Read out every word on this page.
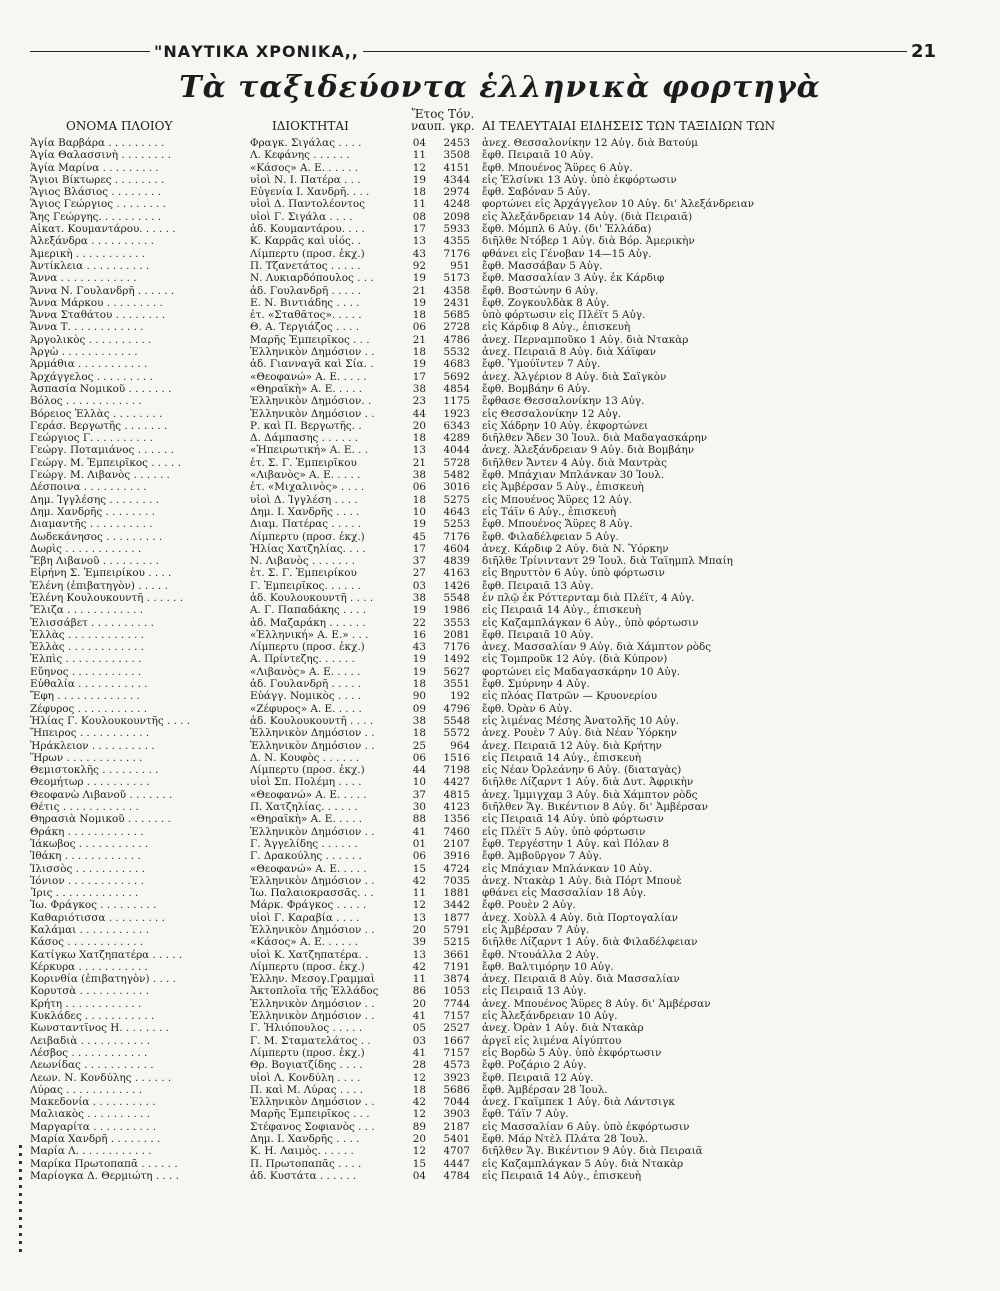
"ΝΑΥΤΙΚΑ ΧΡΟΝΙΚΑ,,	21
Τὰ ταξιδεύοντα ἑλληνικὰ φορτηγὰ
ΟΝΟΜΑ ΠΛΟΙΟΥ	ΙΔΙΟΚΤΗΤΑΙ
Ἔτος Τόν.
ναυπ. γκρ. ΑΙ ΤΕΛΕΥΤΑΙΑΙ ΕΙΔΗΣΕΙΣ ΤΩΝ ΤΑΞΙΔΙΩΝ ΤΩΝ
Ἁγία Βαρβάρα . . . . . . . . .	Φραγκ. Σιγάλας . . . .	04	2453 ἀνεχ. Θεσσαλονίκην 12 Αὐγ. διὰ Βατούμ
Ἁγία Θαλασσινὴ . . . . . . . .	Λ. Κεφάνης . . . . . .	11	3508 ἔφθ. Πειραιᾶ 10 Αὐγ.
Ἁγία Μαρίνα . . . . . . . . .	«Κάσος» Α. Ε. . . . . .	12	4151 ἔφθ. Μπουένος Ἄϋρες 6 Αὐγ.
Ἅγιοι Βίκτωρες . . . . . . . .	υἱοὶ Ν. Ι. Πατέρα . . .	19	4344 εἰς Ἐλσίνκι 13 Αὐγ. ὑπὸ ἐκφόρτωσιν
Ἅγιος Βλάσιος . . . . . . . .	Εὐγενία Ι. Χανδρῆ. . . .	18	2974 ἔφθ. Σαβόναν 5 Αὐγ.
Ἅγιος Γεώργιος . . . . . . . .	υἱοὶ Δ. Παντολέοντος	11	4248 φορτώνει εἰς Ἀρχάγγελον 10 Αὐγ. δι' Ἀλεξάνδρειαν
Ἄης Γεώργης. . . . . . . . . .	υἱοὶ Γ. Σιγάλα . . . .	08	2098 εἰς Ἀλεξάνδρειαν 14 Αὐγ. (διὰ Πειραιᾶ)
Αἰκατ. Κουμαντάρου. . . . . .	ἀδ. Κουμαντάρου. . . .	17	5933 ἔφθ. Μόμπλ 6 Αὐγ. (δι' Ἑλλάδα)
Ἀλεξάνδρα . . . . . . . . . .	Κ. Καρρᾶς καὶ υἱός. .	13	4355 διῆλθε Ντόβερ 1 Αὐγ. διὰ Βόρ. Ἀμερικὴν
Ἀμερικὴ . . . . . . . . . . .	Λίμπερτυ (προσ. ἐκχ.)	43	7176 φθάνει εἰς Γένοβαν 14—15 Αὐγ.
Ἀντίκλεια . . . . . . . . . .	Π. Τζανετάτος . . . . .	92	951 ἔφθ. Μασσάβαν 5 Αὐγ.
Ἄννα . . . . . . . . . . . .	Ν. Λυκιαρδόπουλος . . .	19	5173 ἔφθ. Μασσαλίαν 3 Αὐγ. ἐκ Κάρδιφ
Ἄννα Ν. Γουλανδρῆ . . . . . .	ἀδ. Γουλανδρῆ . . . . .	21	4358 ἔφθ. Βοστώνην 6 Αὐγ.
Ἄννα Μάρκου . . . . . . . . .	Ε. Ν. Βιντιάδης . . . .	19	2431 ἔφθ. Ζογκουλδὰκ 8 Αὐγ.
Ἄννα Σταθάτου . . . . . . . .	ἐτ. «Σταθᾶτος». . . . .	18	5685 ὑπὸ φόρτωσιν εἰς Πλέϊτ 5 Αὐγ.
Ἄννα Τ. . . . . . . . . . . .	Θ. Α. Τεργιάζος . . . .	06	2728 εἰς Κάρδιφ 8 Αὐγ., ἐπισκευὴ
Ἀργολικὸς . . . . . . . . . .	Μαρῆς Ἐμπειρῖκος . . .	21	4786 ἀνεχ. Περναμποῦκο 1 Αὐγ. διὰ Ντακὰρ
Ἀργὼ . . . . . . . . . . . .	Ἑλληνικὸν Δημόσιον . .	18	5532 ἀνεχ. Πειραιᾶ 8 Αὐγ. διὰ Χάϊφαν
Ἁρμάθια . . . . . . . . . . .	ἀδ. Γιανναγᾶ καὶ Σία. .	19	4683 ἔφθ. Ὑμούϊντεν 7 Αὐγ.
Ἀρχάγγελος . . . . . . . . .	«Θεοφανώ» Α. Ε. . . . .	17	5692 ἀνεχ. Ἀλγέριον 8 Αὐγ. διὰ Σαϊγκὸν
Ἀσπασία Νομικοῦ . . . . . . .	«Θηραϊκὴ» Α. Ε. . . . .	38	4854 ἔφθ. Βομβάην 6 Αὐγ.
Βόλος . . . . . . . . . . . .	Ἑλληνικὸν Δημόσιον. .	23	1175 ἔφθασε Θεσσαλονίκην 13 Αὐγ.
Βόρειος Ἑλλὰς . . . . . . . .	Ἑλληνικὸν Δημόσιον . .	44	1923 εἰς Θεσσαλονίκην 12 Αὐγ.
Γεράσ. Βεργωτῆς . . . . . . .	Ρ. καὶ Π. Βεργωτῆς. .	20	6343 εἰς Χάδρην 10 Αὐγ. ἐκφορτώνει
Γεώργιος Γ. . . . . . . . . .	Δ. Δάμπασης . . . . . .	18	4289 διῆλθεν Ἄδεν 30 Ἰουλ. διὰ Μαδαγασκάρην
Γεώργ. Ποταμιάνος . . . . . .	«Ἠπειρωτική» Α. Ε. . .	13	4044 ἀνεχ. Ἀλεξάνδρειαν 9 Αὐγ. διὰ Βομβάην
Γεώργ. Μ. Ἐμπειρῖκος . . . . .	ἐτ. Σ. Γ. Ἐμπειρῖκου	21	5728 διῆλθεν Ἄντεν 4 Αὐγ. διὰ Μαντρὰς
Γεώργ. Μ. Λιβανὸς . . . . . .	«Λιβανὸς» Α. Ε. . . . .	38	5482 ἔφθ. Μπάχιαν Μπλάνκαν 30 Ἰουλ.
Δέσποινα . . . . . . . . . .	ἐτ. «Μιχαλινὸς» . . . .	06	3016 εἰς Ἀμβέρσαν 5 Αὐγ., ἐπισκευὴ
Δημ. Ἰγγλέσης . . . . . . . .	υἱοὶ Δ. Ἰγγλέση . . . .	18	5275 εἰς Μπουένος Ἄϋρες 12 Αὐγ.
Δημ. Χανδρῆς . . . . . . . .	Δημ. Ι. Χανδρῆς . . . .	10	4643 εἰς Τάϊν 6 Αὐγ., ἐπισκευὴ
Διαμαντῆς . . . . . . . . . .	Διαμ. Πατέρας . . . . .	19	5253 ἔφθ. Μπουένος Ἄϋρες 8 Αὐγ.
Δωδεκάνησος . . . . . . . . .	Λίμπερτυ (προσ. ἐκχ.)	45	7176 ἔφθ. Φιλαδέλφειαν 5 Αὐγ.
Δωρὶς . . . . . . . . . . . .	Ἠλίας Χατζηλίας. . . .	17	4604 ἀνεχ. Κάρδιφ 2 Αὐγ. διὰ Ν. Ὑόρκην
Ἔβη Λιβανοῦ . . . . . . . . .	Ν. Λιβανὸς . . . . . . .	37	4839 διῆλθε Τρίνινταντ 29 Ἰουλ. διὰ Ταϊημπλ Μπαίη
Εἰρήνη Σ. Ἐμπειρίκου . . . .	ἐτ. Σ. Γ. Ἐμπειρίκου	27	4163 εἰς Βηρυττὸν 6 Αὐγ. ὑπὸ φόρτωσιν
Ἑλένη (ἐπιβατηγὸν) . . . . .	Γ. Ἐμπειρῖκος. . . . . .	03	1426 ἔφθ. Πειραιᾶ 13 Αὐγ.
Ἑλένη Κουλουκουντῆ . . . . . .	ἀδ. Κουλουκουντῆ . . . .	38	5548 ἐν πλῷ ἐκ Ρόττερνταμ διὰ Πλέϊτ, 4 Αὐγ.
Ἔλιζα . . . . . . . . . . . .	Α. Γ. Παπαδάκης . . . .	19	1986 εἰς Πειραιᾶ 14 Αὐγ., ἐπισκευὴ
Ἐλισσάβετ . . . . . . . . . .	ἀδ. Μαζαράκη . . . . . .	22	3553 εἰς Καζαμπλάγκαν 6 Αὐγ., ὑπὸ φόρτωσιν
Ἑλλὰς . . . . . . . . . . . .	«Ἑλληνική» Α. Ε.» . . .	16	2081 ἔφθ. Πειραιᾶ 10 Αὐγ.
Ἑλλὰς . . . . . . . . . . . .	Λίμπερτυ (προσ. ἐκχ.)	43	7176 ἀνεχ. Μασσαλίαν 9 Αὐγ. διὰ Χάμπτον ρὸδς
Ἐλπὶς . . . . . . . . . . . .	Α. Πρίντεζης. . . . . .	19	1492 εἰς Τομπροῦκ 12 Αὐγ. (διὰ Κύπρον)
Εὔηνος . . . . . . . . . . .	«Λιβανὸς» Α. Ε. . . . .	19	5627 φορτώνει εἰς Μαδαγασκάρην 10 Αὐγ.
Εὐθαλία . . . . . . . . . . .	ἀδ. Γουλανδρῆ . . . . .	18	3551 ἔφθ. Σμύρνην 4 Αὐγ.
Ἔφη . . . . . . . . . . . . .	Εὐάγγ. Νομικὸς . . . .	90	192 εἰς πλόας Πατρῶν — Κρυονερίου
Ζέφυρος . . . . . . . . . . .	«Ζέφυρος» Α. Ε. . . . .	09	4796 ἔφθ. Ὀρὰν 6 Αὐγ.
Ἠλίας Γ. Κουλουκουντῆς . . . .	ἀδ. Κουλουκουντῆ . . . .	38	5548 εἰς λιμένας Μέσης Ἀνατολῆς 10 Αὐγ.
Ἤπειρος . . . . . . . . . . .	Ἑλληνικὸν Δημόσιον . .	18	5572 ἀνεχ. Ρουὲν 7 Αὐγ. διὰ Νέαν Ὑόρκην
Ἠράκλειον . . . . . . . . . .	Ἑλληνικὸν Δημόσιον . .	25	964 ἀνεχ. Πειραιᾶ 12 Αὐγ. διὰ Κρήτην
Ἥρων . . . . . . . . . . . .	Δ. Ν. Κουφὸς . . . . . .	06	1516 εἰς Πειραιᾶ 14 Αὐγ., ἐπισκευὴ
Θεμιστοκλῆς . . . . . . . . .	Λίμπερτυ (προσ. ἐκχ.)	44	7198 εἰς Νέαν Ὀρλεάνην 6 Αὐγ. (διαταγὰς)
Θεομήτωρ . . . . . . . . . .	υἱοὶ Σπ. Πολέμη . . . .	10	4427 διῆλθε Λίζαρντ 1 Αὐγ. διὰ Δυτ. Ἀφρικὴν
Θεοφανὼ Λιβανοῦ . . . . . . .	«Θεοφανώ» Α. Ε. . . . .	37	4815 ἀνεχ. Ἰμμιγχαμ 3 Αὐγ. διὰ Χάμπτον ρὸδς
Θέτις . . . . . . . . . . . .	Π. Χατζηλίας. . . . . .	30	4123 διῆλθεν Ἅγ. Βικέντιον 8 Αὐγ. δι' Ἀμβέρσαν
Θηρασιὰ Νομικοῦ . . . . . . .	«Θηραϊκὴ» Α. Ε. . . . .	88	1356 εἰς Πειραιᾶ 14 Αὐγ. ὑπὸ φόρτωσιν
Θράκη . . . . . . . . . . . .	Ἑλληνικὸν Δημόσιον . .	41	7460 εἰς Πλέϊτ 5 Αὐγ. ὑπὸ φόρτωσιν
Ἰάκωβος . . . . . . . . . . .	Γ. Ἀγγελίδης . . . . . .	01	2107 ἔφθ. Τεργέστην 1 Αὐγ. καὶ Πόλαν 8
Ἰθάκη . . . . . . . . . . . .	Γ. Δρακούλης . . . . . .	06	3916 ἔφθ. Ἀμβοῦργον 7 Αὐγ.
Ἰλισσὸς . . . . . . . . . . .	«Θεοφανώ» Α. Ε. . . . .	15	4724 εἰς Μπάχιαν Μπλάνκαν 10 Αὐγ.
Ἰόνιον . . . . . . . . . . . .	Ἑλληνικὸν Δημόσιον . .	42	7035 ἀνεχ. Ντακὰρ 1 Αὐγ. διὰ Πόρτ Μπουὲ
Ἶρις . . . . . . . . . . . . .	Ἰω. Παλαιοκρασσᾶς. . .	11	1881 φθάνει εἰς Μασσαλίαν 18 Αὐγ.
Ἰω. Φράγκος . . . . . . . . .	Μάρκ. Φράγκος . . . . .	12	3442 ἔφθ. Ρουὲν 2 Αὐγ.
Καθαριότισσα . . . . . . . . .	υἱοὶ Γ. Καραβία . . . .	13	1877 ἀνεχ. Χοὺλλ 4 Αὐγ. διὰ Πορτογαλίαν
Καλάμαι . . . . . . . . . . .	Ἑλληνικὸν Δημόσιον . .	20	5791 εἰς Ἀμβέρσαν 7 Αὐγ.
Κάσος . . . . . . . . . . . .	«Κάσος» Α. Ε. . . . . .	39	5215 διῆλθε Λίζαρντ 1 Αὐγ. διὰ Φιλαδέλφειαν
Κατίγκω Χατζηπατέρα . . . . .	υἱοὶ Κ. Χατζηπατέρα. .	13	3661 ἔφθ. Ντουάλλα 2 Αὐγ.
Κέρκυρα . . . . . . . . . . .	Λίμπερτυ (προσ. ἐκχ.)	42	7191 ἔφθ. Βαλτιμόρην 10 Αὐγ.
Κορινθία (ἐπιβατηγὸν) . . . .	Ἑλλην. Μεσογ.Γραμμαὶ	11	3874 ἀνεχ. Πειραιᾶ 8 Αὐγ. διὰ Μασσαλίαν
Κορυτσὰ . . . . . . . . . . .	Ἀκτοπλοΐα τῆς Ἑλλάδος	86	1053 εἰς Πειραιᾶ 13 Αὐγ.
Κρήτη . . . . . . . . . . . .	Ἑλληνικὸν Δημόσιον . .	20	7744 ἀνεχ. Μπουένος Ἄϋρες 8 Αὐγ. δι' Ἀμβέρσαν
Κυκλάδες . . . . . . . . . . .	Ἑλληνικὸν Δημόσιον . .	41	7157 εἰς Ἀλεξάνδρειαν 10 Αὐγ.
Κωνσταντῖνος Η. . . . . . . .	Γ. Ἠλιόπουλος . . . . .	05	2527 ἀνεχ. Ὀρὰν 1 Αὐγ. διὰ Ντακὰρ
Λειβαδιὰ . . . . . . . . . . .	Γ. Μ. Σταματελάτος . .	03	1667 ἀργεῖ εἰς λιμένα Αἰγύπτου
Λέσβος . . . . . . . . . . . .	Λίμπερτυ (προσ. ἐκχ.)	41	7157 εἰς Βορδὼ 5 Αὐγ. ὑπὸ ἐκφόρτωσιν
Λεωνίδας . . . . . . . . . . .	Θρ. Βογιατζίδης . . . .	28	4573 ἔφθ. Ροζάριο 2 Αὐγ.
Λεων. Ν. Κονδύλης . . . . . .	υἱοὶ Λ. Κονδύλη . . . .	12	3923 ἔφθ. Πειραιᾶ 12 Αὐγ.
Λύρας . . . . . . . . . . . .	Π. καὶ Μ. Λύρας . . . .	18	5686 ἔφθ. Ἀμβέρσαν 28 Ἰουλ.
Μακεδονία . . . . . . . . . .	Ἑλληνικὸν Δημόσιον . .	42	7044 ἀνεχ. Γκαϊμπεκ 1 Αὐγ. διὰ Λάντσιγκ
Μαλιακὸς . . . . . . . . . .	Μαρῆς Ἐμπειρῖκος . . .	12	3903 ἔφθ. Τάϊν 7 Αὐγ.
Μαργαρίτα . . . . . . . . . .	Στέφανος Σοφιανὸς . . .	89	2187 εἰς Μασσαλίαν 6 Αὐγ. ὑπὸ ἐκφόρτωσιν
Μαρία Χανδρῆ . . . . . . . .	Δημ. Ι. Χανδρῆς . . . .	20	5401 ἔφθ. Μάρ Ντὲλ Πλάτα 28 Ἰουλ.
Μαρία Λ. . . . . . . . . . . .	Κ. Η. Λαιμὸς. . . . . .	12	4707 διῆλθεν Ἅγ. Βικέντιον 9 Αὐγ. διὰ Πειραιᾶ
Μαρίκα Πρωτοπαπᾶ . . . . . .	Π. Πρωτοπαπᾶς . . . .	15	4447 εἰς Καζαμπλάγκαν 5 Αὐγ. διὰ Ντακὰρ
Μαρίογκα Δ. Θερμιώτη . . . .	ἀδ. Κυστάτα . . . . . .	04	4784 εἰς Πειραιᾶ 14 Αὐγ., ἐπισκευὴ
